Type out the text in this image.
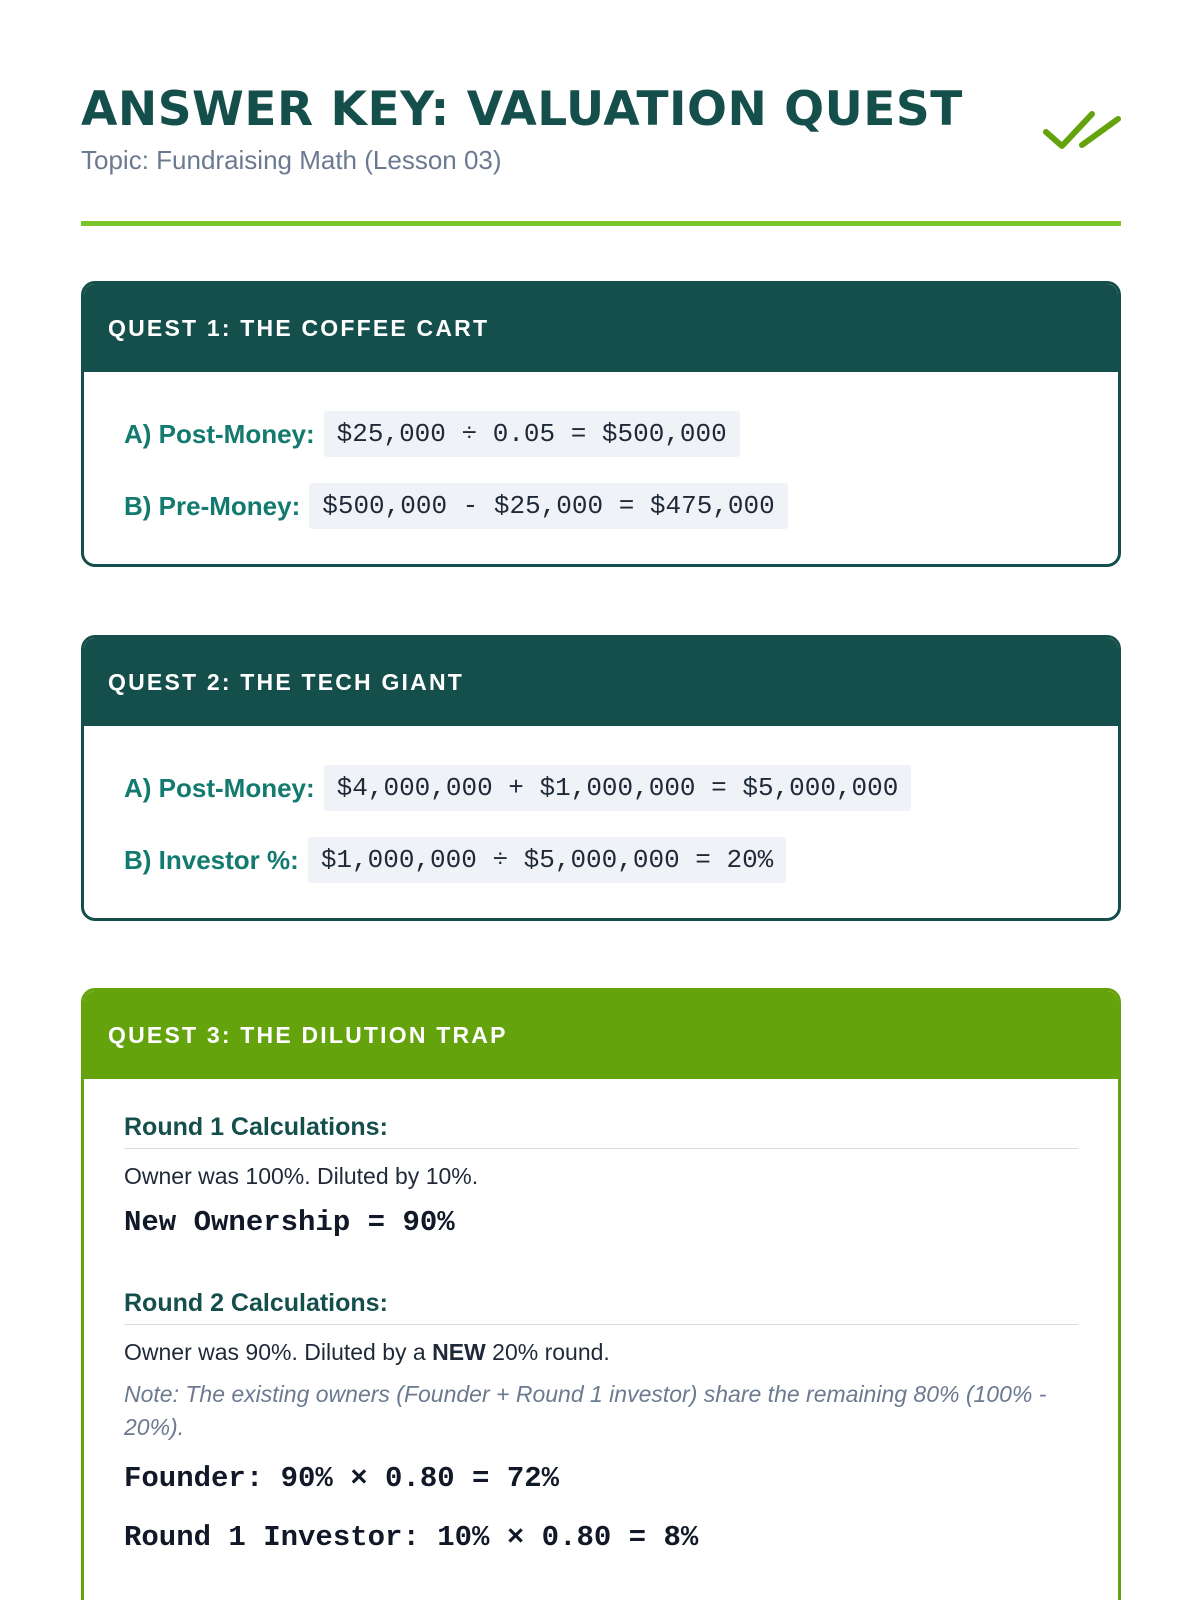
ANSWER KEY: VALUATION QUEST
Topic: Fundraising Math (Lesson 03)
QUEST 1: THE COFFEE CART
A) Post-Money: $25,000 ÷ 0.05 = $500,000
B) Pre-Money: $500,000 - $25,000 = $475,000
QUEST 2: THE TECH GIANT
A) Post-Money: $4,000,000 + $1,000,000 = $5,000,000
B) Investor %: $1,000,000 ÷ $5,000,000 = 20%
QUEST 3: THE DILUTION TRAP
Round 1 Calculations:
Owner was 100%. Diluted by 10%.
New Ownership = 90%
Round 2 Calculations:
Owner was 90%. Diluted by a NEW 20% round.
Note: The existing owners (Founder + Round 1 investor) share the remaining 80% (100% - 20%).
Founder: 90% × 0.80 = 72%
Round 1 Investor: 10% × 0.80 = 8%
